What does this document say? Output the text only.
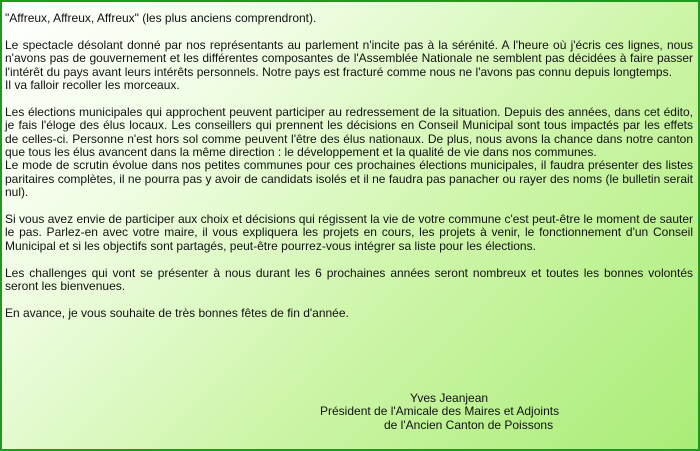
"Affreux, Affreux, Affreux" (les plus anciens comprendront).

Le spectacle désolant donné par nos représentants au parlement n'incite pas à la sérénité. A l'heure où j'écris ces lignes, nous n'avons pas de gouvernement et les différentes composantes de l'Assemblée Nationale ne semblent pas décidées à faire passer l'intérêt du pays avant leurs intérêts personnels. Notre pays est fracturé comme nous ne l'avons pas connu depuis longtemps.
Il va falloir recoller les morceaux.

Les élections municipales qui approchent peuvent participer au redressement de la situation. Depuis des années, dans cet édito, je fais l'éloge des élus locaux. Les conseillers qui prennent les décisions en Conseil Municipal sont tous impactés par les effets de celles-ci. Personne n'est hors sol comme peuvent l'être des élus nationaux. De plus, nous avons la chance dans notre canton que tous les élus avancent dans la même direction : le développement et la qualité de vie dans nos communes.
Le mode de scrutin évolue dans nos petites communes pour ces prochaines élections municipales, il faudra présenter des listes paritaires complètes, il ne pourra pas y avoir de candidats isolés et il ne faudra pas panacher ou rayer des noms (le bulletin serait nul).

Si vous avez envie de participer aux choix et décisions qui régissent la vie de votre commune c'est peut-être le moment de sauter le pas. Parlez-en avec votre maire, il vous expliquera les projets en cours, les projets à venir, le fonctionnement d'un Conseil Municipal et si les objectifs sont partagés, peut-être pourrez-vous intégrer sa liste pour les élections.

Les challenges qui vont se présenter à nous durant les 6 prochaines années seront nombreux et toutes les bonnes volontés seront les bienvenues.

En avance, je vous souhaite de très bonnes fêtes de fin d'année.

Yves Jeanjean
Président de l'Amicale des Maires et Adjoints
de l'Ancien Canton de Poissons
